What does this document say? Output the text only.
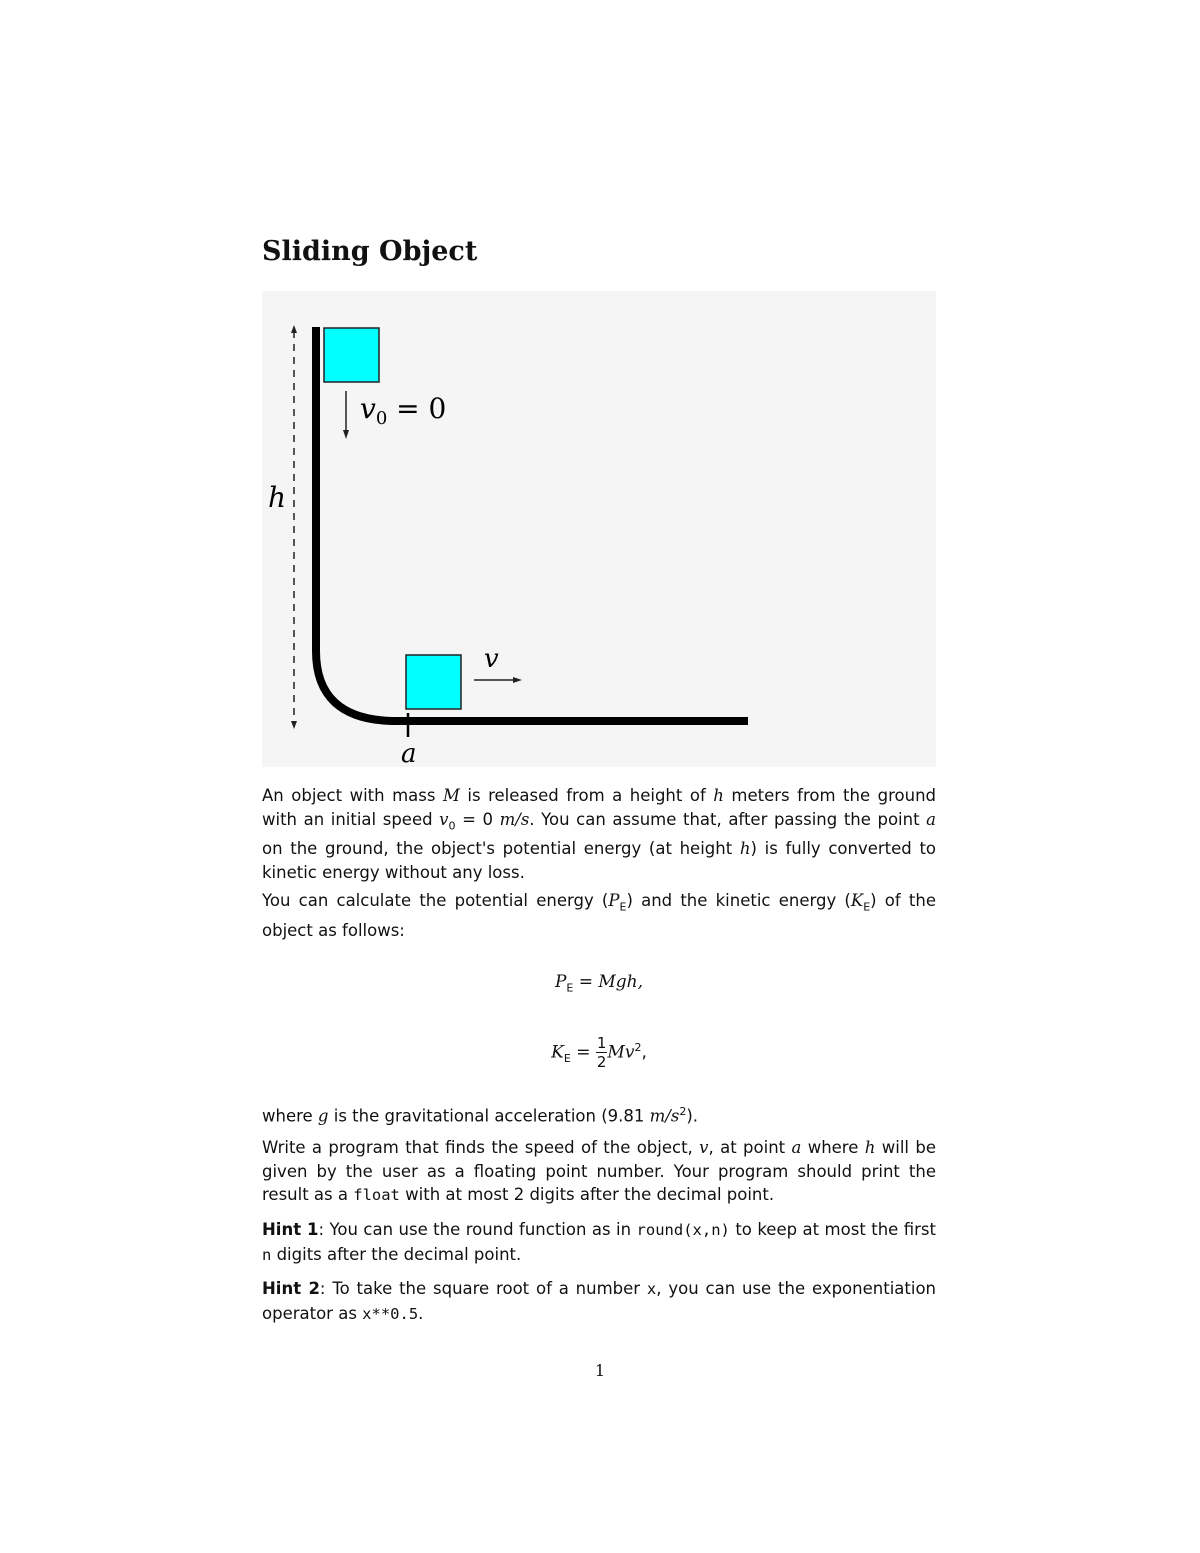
Sliding Object
h
$v_0 = 0$
v
a

An object with mass M is released from a height of h meters from the ground with an initial speed $v_0 = 0$ m/s. You can assume that, after passing the point a on the ground, the object's potential energy (at height h) is fully converted to kinetic energy without any loss.

You can calculate the potential energy $(P_E)$ and the kinetic energy $(K_E)$ of the object as follows:

$P_E$ = Mgh,
$K_E = \frac{1}{2} Mv^2$,

where g is the gravitational acceleration (9.81 $m/s^2$).

Write a program that finds the speed of the object, v, at point a where h will be given by the user as a floating point number. Your program should print the result as a float with at most 2 digits after the decimal point.

Hint 1: You can use the round function as in round(x,n) to keep at most the first n digits after the decimal point.

Hint 2: To take the square root of a number x, you can use the exponentiation operator as x**0.5.

1
